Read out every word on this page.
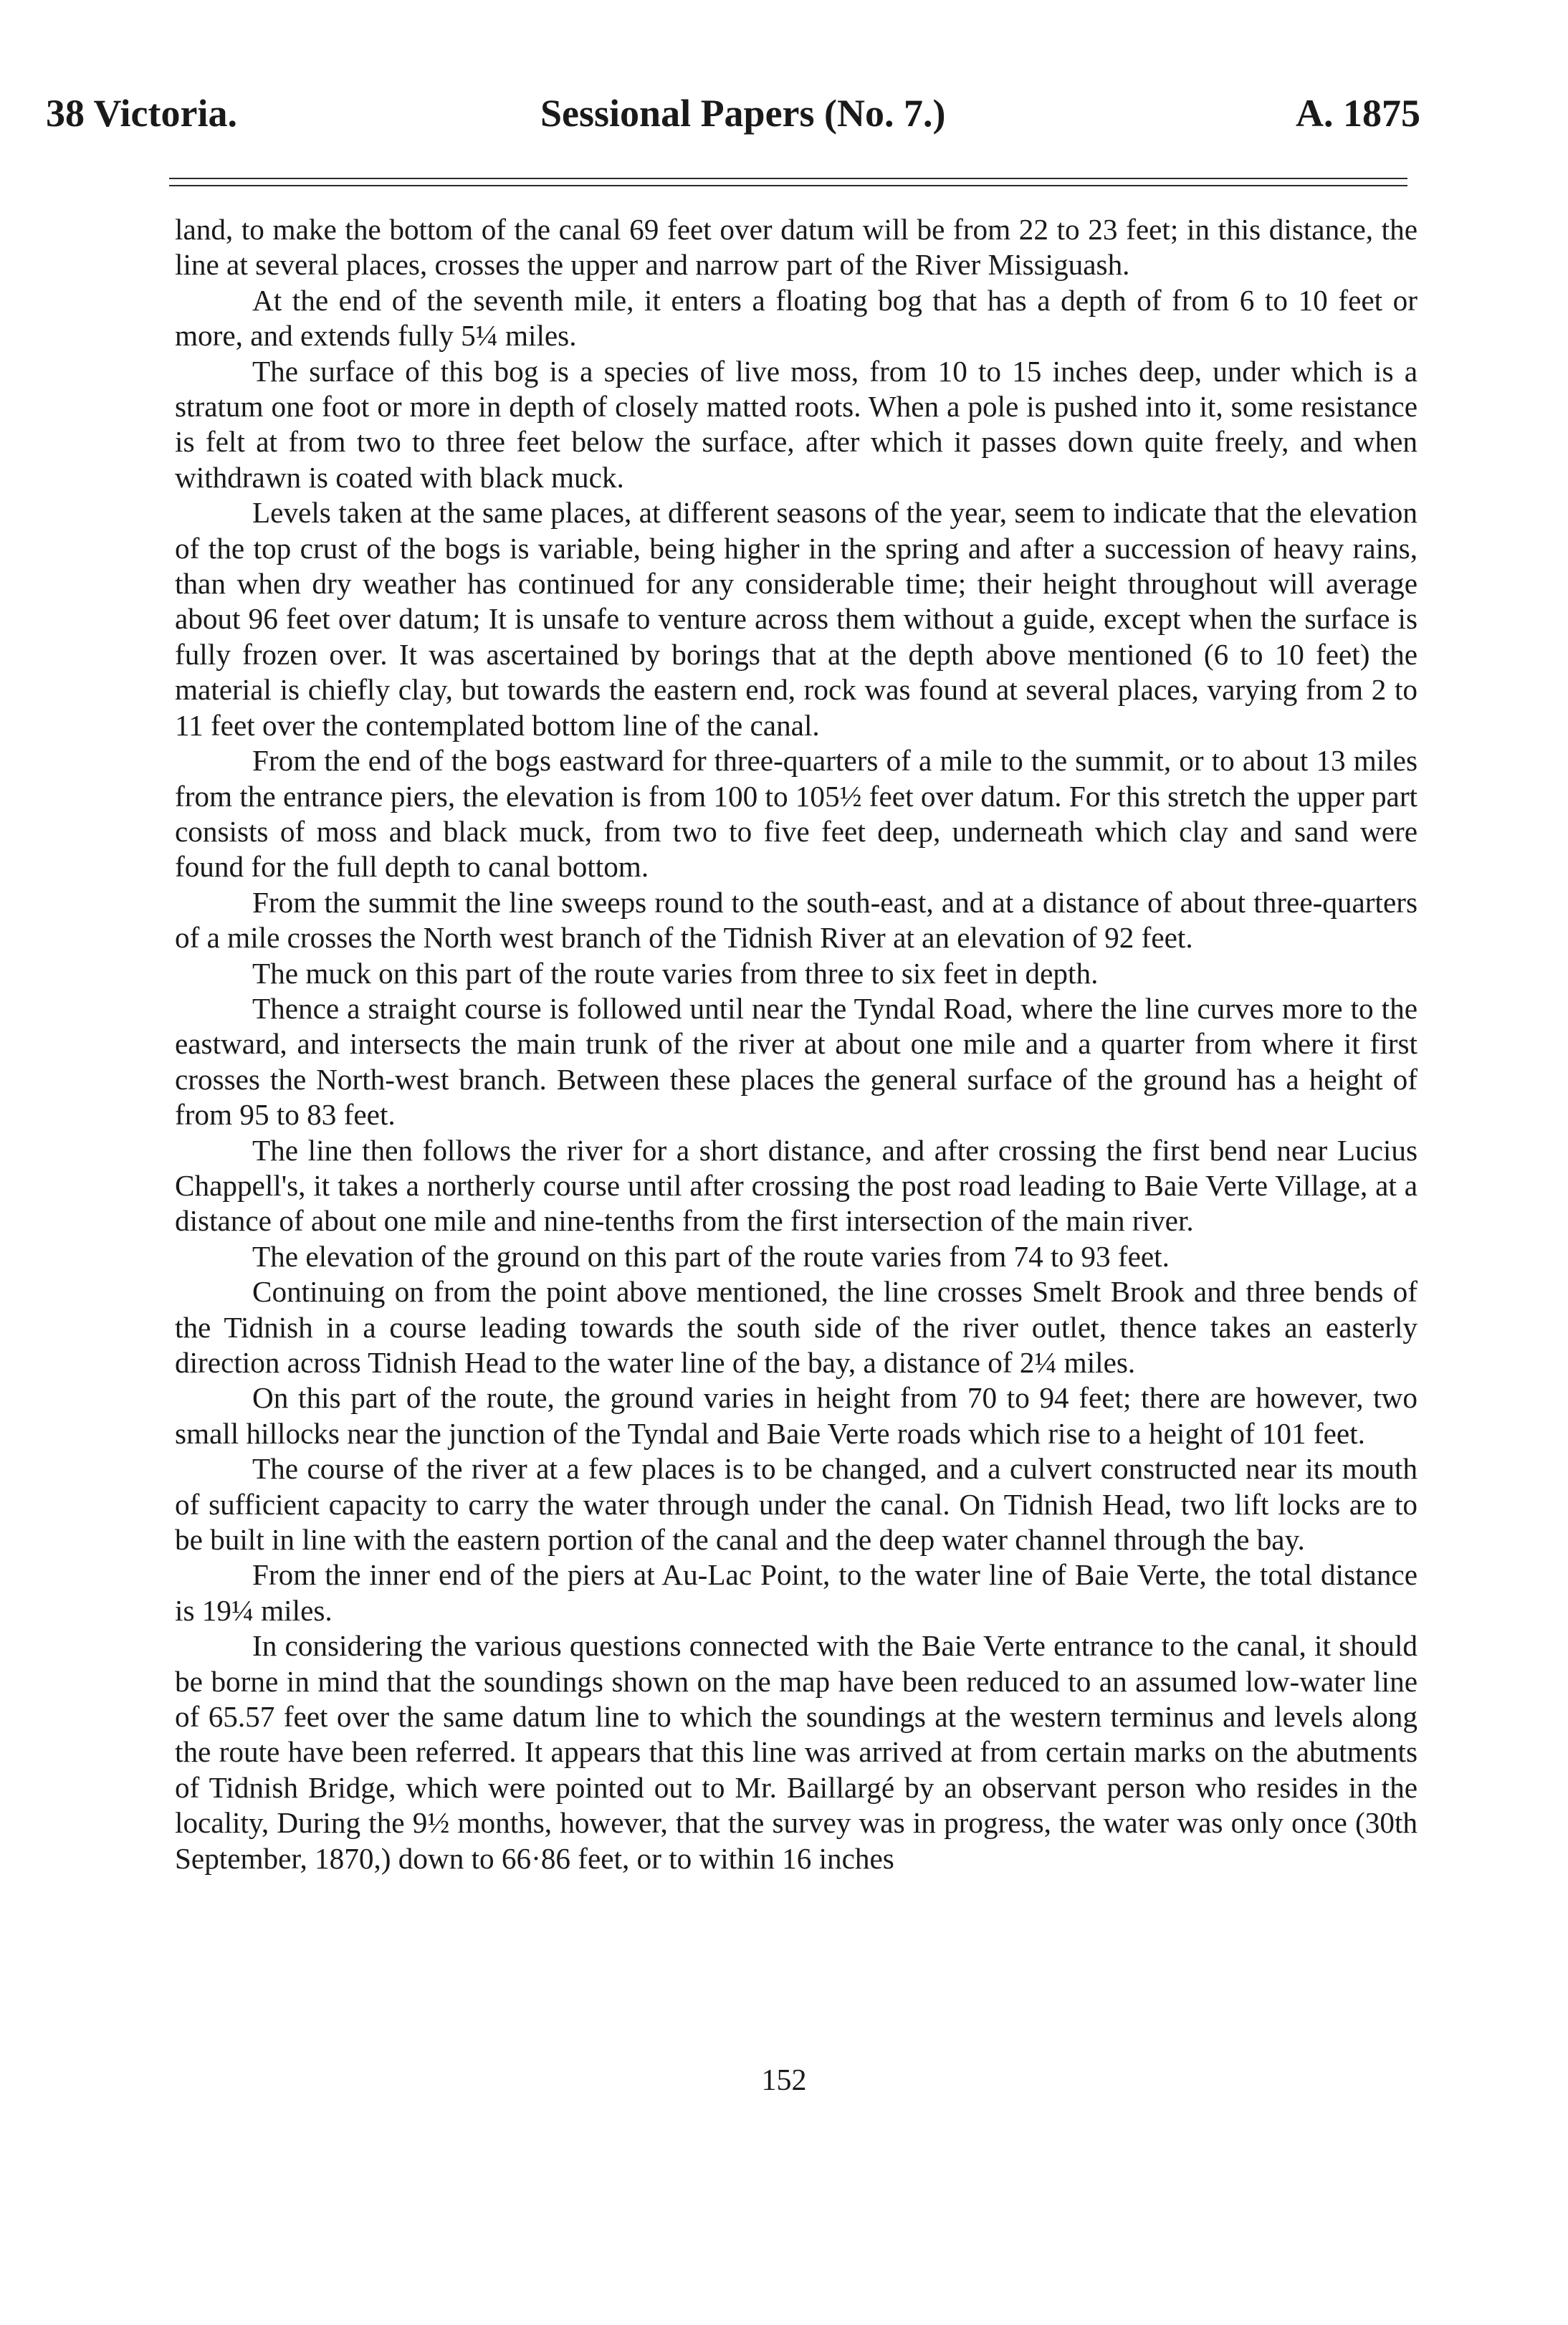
38 Victoria.	Sessional Papers (No. 7.)	A. 1875

land, to make the bottom of the canal 69 feet over datum will be from 22 to 23 feet; in this distance, the line at several places, crosses the upper and narrow part of the River Missiguash.

At the end of the seventh mile, it enters a floating bog that has a depth of from 6 to 10 feet or more, and extends fully 5¼ miles.

The surface of this bog is a species of live moss, from 10 to 15 inches deep, under which is a stratum one foot or more in depth of closely matted roots. When a pole is pushed into it, some resistance is felt at from two to three feet below the surface, after which it passes down quite freely, and when withdrawn is coated with black muck.

Levels taken at the same places, at different seasons of the year, seem to indicate that the elevation of the top crust of the bogs is variable, being higher in the spring and after a succession of heavy rains, than when dry weather has continued for any considerable time; their height throughout will average about 96 feet over datum; It is unsafe to venture across them without a guide, except when the surface is fully frozen over. It was ascertained by borings that at the depth above mentioned (6 to 10 feet) the material is chiefly clay, but towards the eastern end, rock was found at several places, varying from 2 to 11 feet over the contemplated bottom line of the canal.

From the end of the bogs eastward for three-quarters of a mile to the summit, or to about 13 miles from the entrance piers, the elevation is from 100 to 105½ feet over datum. For this stretch the upper part consists of moss and black muck, from two to five feet deep, underneath which clay and sand were found for the full depth to canal bottom.

From the summit the line sweeps round to the south-east, and at a distance of about three-quarters of a mile crosses the North west branch of the Tidnish River at an elevation of 92 feet.

The muck on this part of the route varies from three to six feet in depth.

Thence a straight course is followed until near the Tyndal Road, where the line curves more to the eastward, and intersects the main trunk of the river at about one mile and a quarter from where it first crosses the North-west branch. Between these places the general surface of the ground has a height of from 95 to 83 feet.

The line then follows the river for a short distance, and after crossing the first bend near Lucius Chappell's, it takes a northerly course until after crossing the post road leading to Baie Verte Village, at a distance of about one mile and nine-tenths from the first intersection of the main river.

The elevation of the ground on this part of the route varies from 74 to 93 feet.

Continuing on from the point above mentioned, the line crosses Smelt Brook and three bends of the Tidnish in a course leading towards the south side of the river outlet, thence takes an easterly direction across Tidnish Head to the water line of the bay, a distance of 2¼ miles.

On this part of the route, the ground varies in height from 70 to 94 feet; there are however, two small hillocks near the junction of the Tyndal and Baie Verte roads which rise to a height of 101 feet.

The course of the river at a few places is to be changed, and a culvert constructed near its mouth of sufficient capacity to carry the water through under the canal. On Tidnish Head, two lift locks are to be built in line with the eastern portion of the canal and the deep water channel through the bay.

From the inner end of the piers at Au-Lac Point, to the water line of Baie Verte, the total distance is 19¼ miles.

In considering the various questions connected with the Baie Verte entrance to the canal, it should be borne in mind that the soundings shown on the map have been reduced to an assumed low-water line of 65.57 feet over the same datum line to which the soundings at the western terminus and levels along the route have been referred. It appears that this line was arrived at from certain marks on the abutments of Tidnish Bridge, which were pointed out to Mr. Baillargé by an observant person who resides in the locality, During the 9½ months, however, that the survey was in progress, the water was only once (30th September, 1870,) down to 66·86 feet, or to within 16 inches

152
